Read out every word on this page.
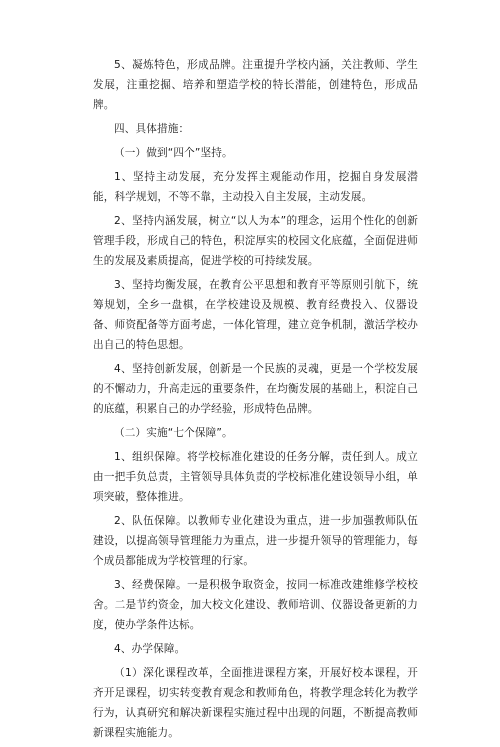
5、凝炼特色，形成品牌。注重提升学校内涵，关注教师、学生发展，注重挖掘、培养和塑造学校的特长潜能，创建特色，形成品牌。

四、具体措施：

（一）做到“四个”坚持。

1、坚持主动发展，充分发挥主观能动作用，挖掘自身发展潜能，科学规划，不等不靠，主动投入自主发展，主动发展。

2、坚持内涵发展，树立“以人为本”的理念，运用个性化的创新管理手段，形成自己的特色，积淀厚实的校园文化底蕴，全面促进师生的发展及素质提高，促进学校的可持续发展。

3、坚持均衡发展，在教育公平思想和教育平等原则引航下，统筹规划，全乡一盘棋，在学校建设及规模、教育经费投入、仪器设备、师资配备等方面考虑，一体化管理，建立竞争机制，激活学校办出自己的特色思想。

4、坚持创新发展，创新是一个民族的灵魂，更是一个学校发展的不懈动力，升高走远的重要条件，在均衡发展的基础上，积淀自己的底蕴，积累自己的办学经验，形成特色品牌。

（二）实施“七个保障”。

1、组织保障。将学校标准化建设的任务分解，责任到人。成立由一把手负总责，主管领导具体负责的学校标准化建设领导小组，单项突破，整体推进。

2、队伍保障。以教师专业化建设为重点，进一步加强教师队伍建设，以提高领导管理能力为重点，进一步提升领导的管理能力，每个成员都能成为学校管理的行家。

3、经费保障。一是积极争取资金，按同一标准改建维修学校校舍。二是节约资金，加大校文化建设、教师培训、仪器设备更新的力度，使办学条件达标。

4、办学保障。

（1）深化课程改革，全面推进课程方案，开展好校本课程，开齐开足课程，切实转变教育观念和教师角色，将教学理念转化为教学行为，认真研究和解决新课程实施过程中出现的问题，不断提高教师新课程实施能力。
